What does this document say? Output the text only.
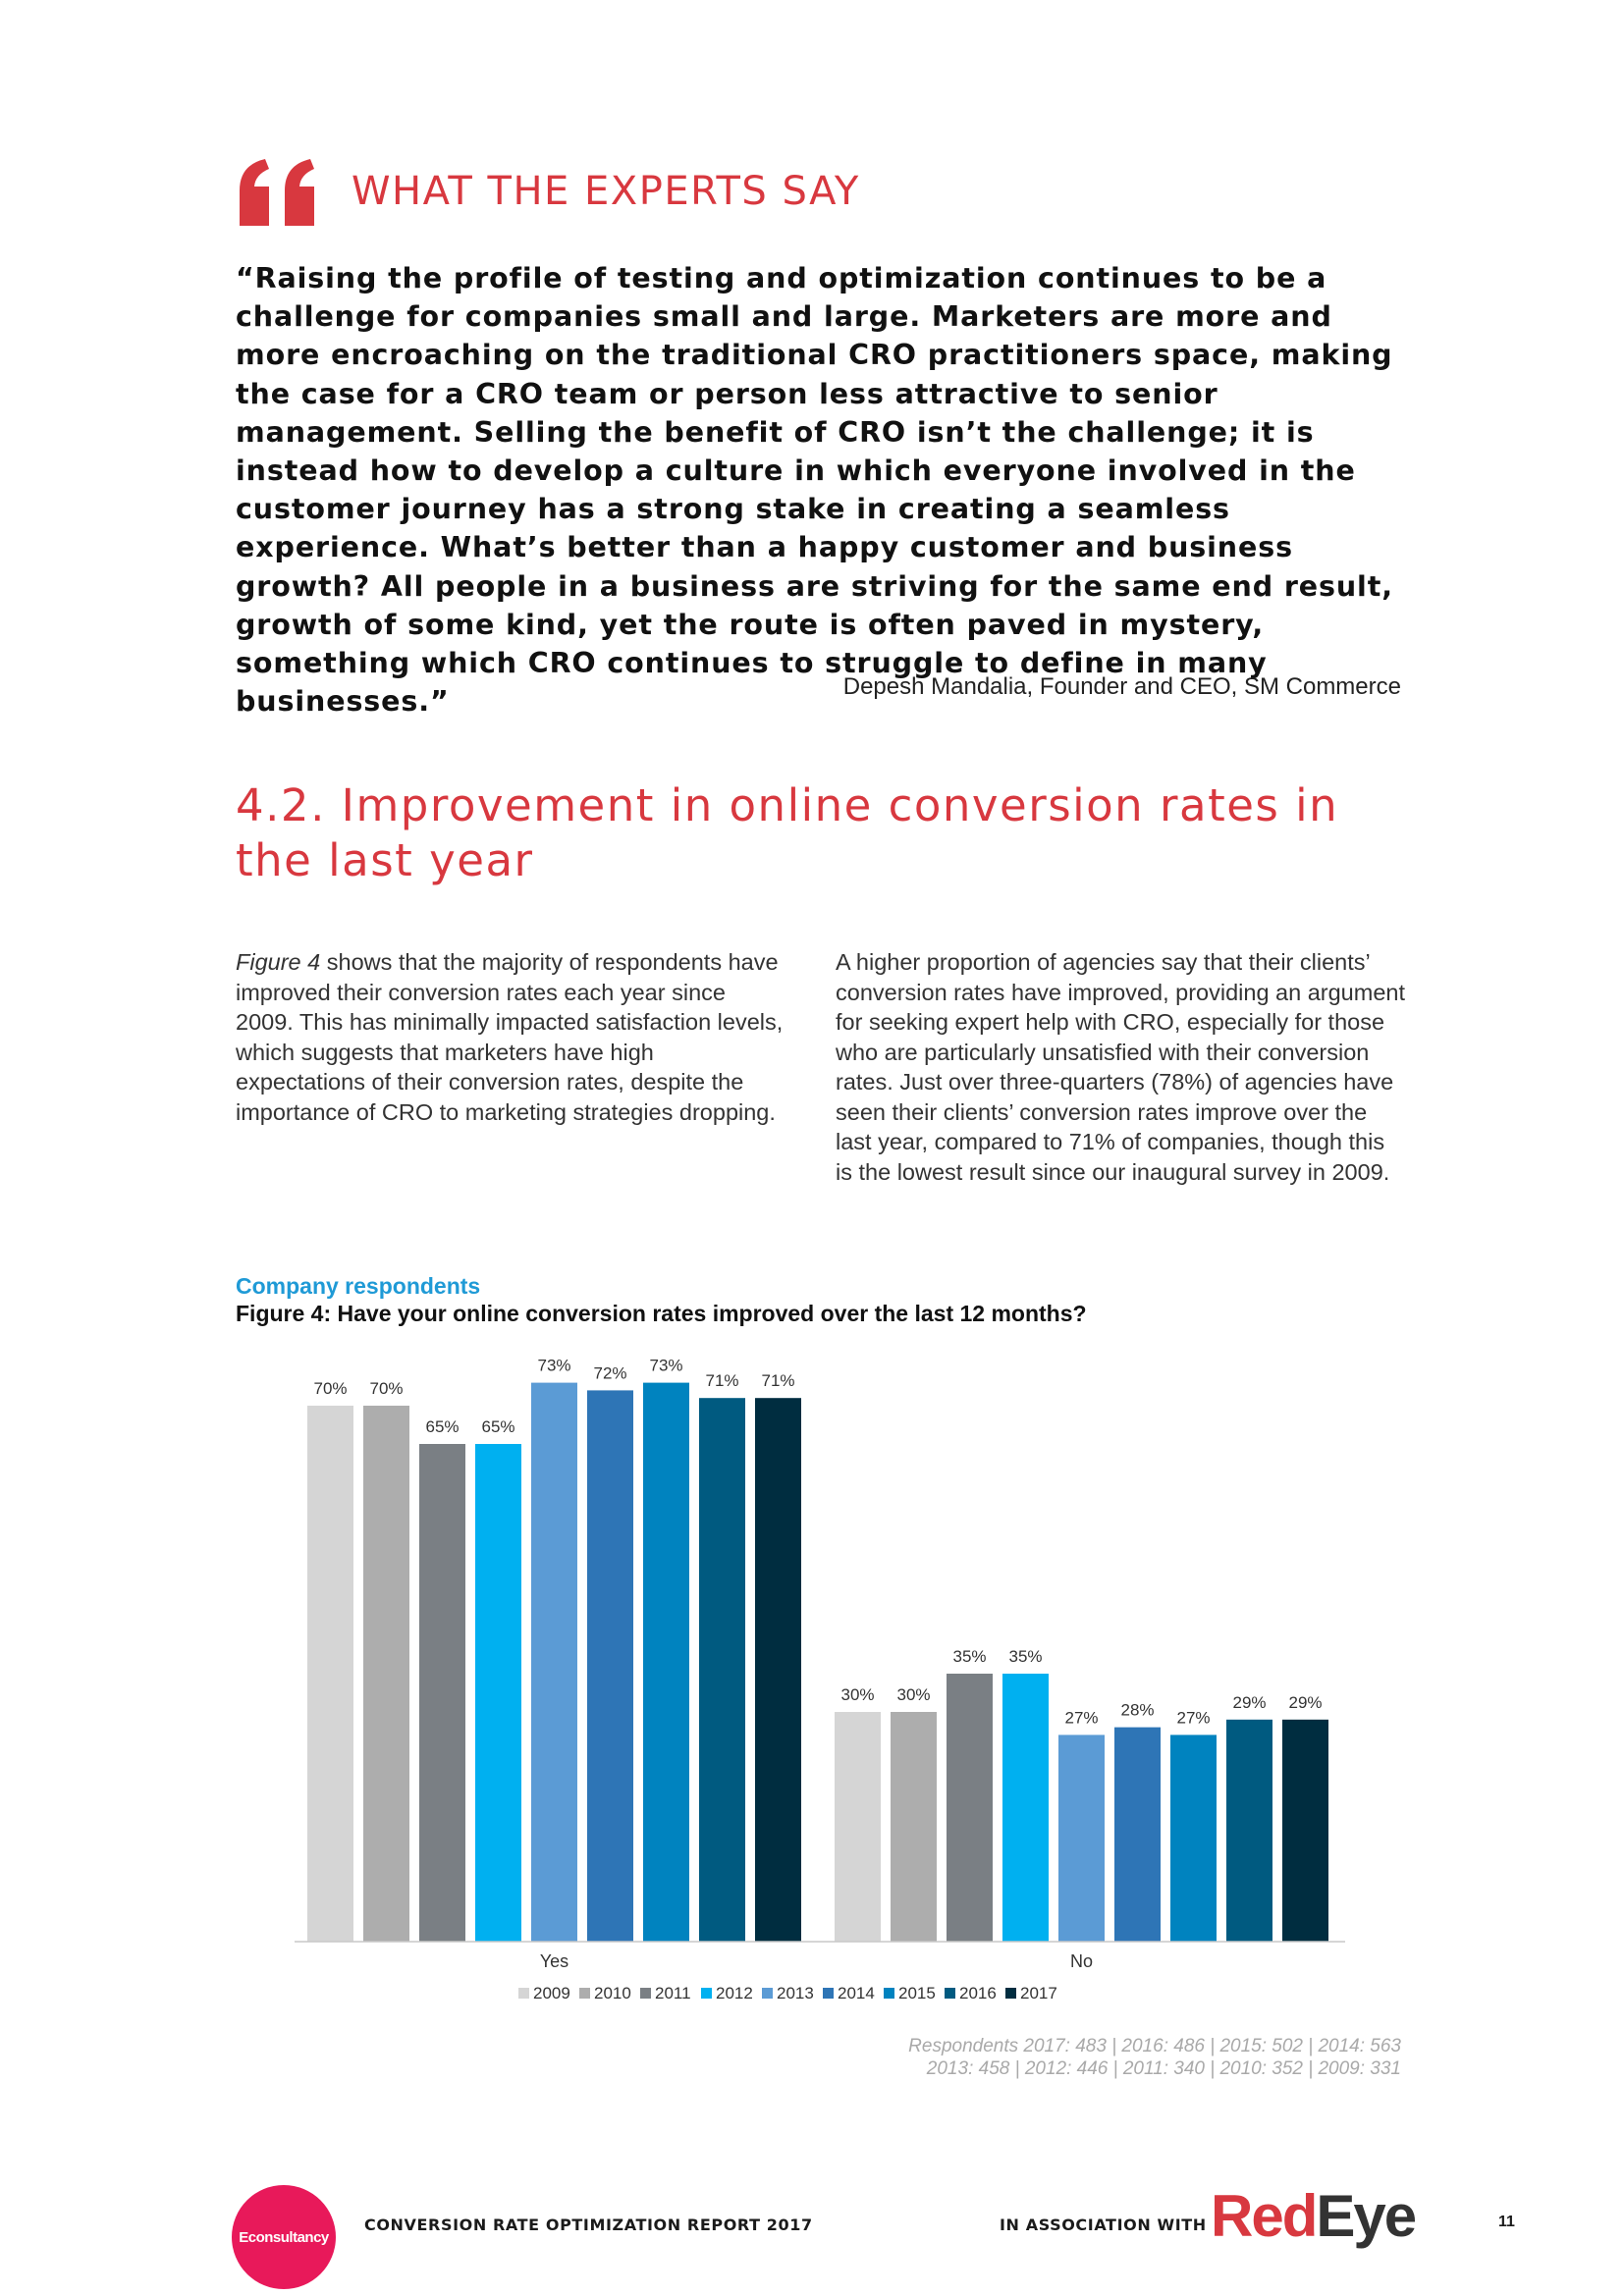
WHAT THE EXPERTS SAY
“Raising the profile of testing and optimization continues to be a challenge for companies small and large. Marketers are more and more encroaching on the traditional CRO practitioners space, making the case for a CRO team or person less attractive to senior management. Selling the benefit of CRO isn’t the challenge; it is instead how to develop a culture in which everyone involved in the customer journey has a strong stake in creating a seamless experience. What’s better than a happy customer and business growth? All people in a business are striving for the same end result, growth of some kind, yet the route is often paved in mystery, something which CRO continues to struggle to define in many businesses.”	Depesh Mandalia, Founder and CEO, SM Commerce
4.2. Improvement in online conversion rates in the last year
Figure 4 shows that the majority of respondents have improved their conversion rates each year since 2009. This has minimally impacted satisfaction levels, which suggests that marketers have high expectations of their conversion rates, despite the importance of CRO to marketing strategies dropping.
A higher proportion of agencies say that their clients’ conversion rates have improved, providing an argument for seeking expert help with CRO, especially for those who are particularly unsatisfied with their conversion rates. Just over three-quarters (78%) of agencies have seen their clients’ conversion rates improve over the last year, compared to 71% of companies, though this is the lowest result since our inaugural survey in 2009.
Company respondents
Figure 4: Have your online conversion rates improved over the last 12 months?
70% 70%
65% 65%
73% 72% 73%
71% 71%
Yes
30% 30%
35% 35%
27% 28% 27%
29% 29%
No
2009 2010 2011 2012 2013 2014 2015 2016 2017
Respondents 2017: 483 | 2016: 486 | 2015: 502 | 2014: 563
2013: 458 | 2012: 446 | 2011: 340 | 2010: 352 | 2009: 331
Econsultancy
CONVERSION RATE OPTIMIZATION REPORT 2017	IN ASSOCIATION WITH RedEye	11
